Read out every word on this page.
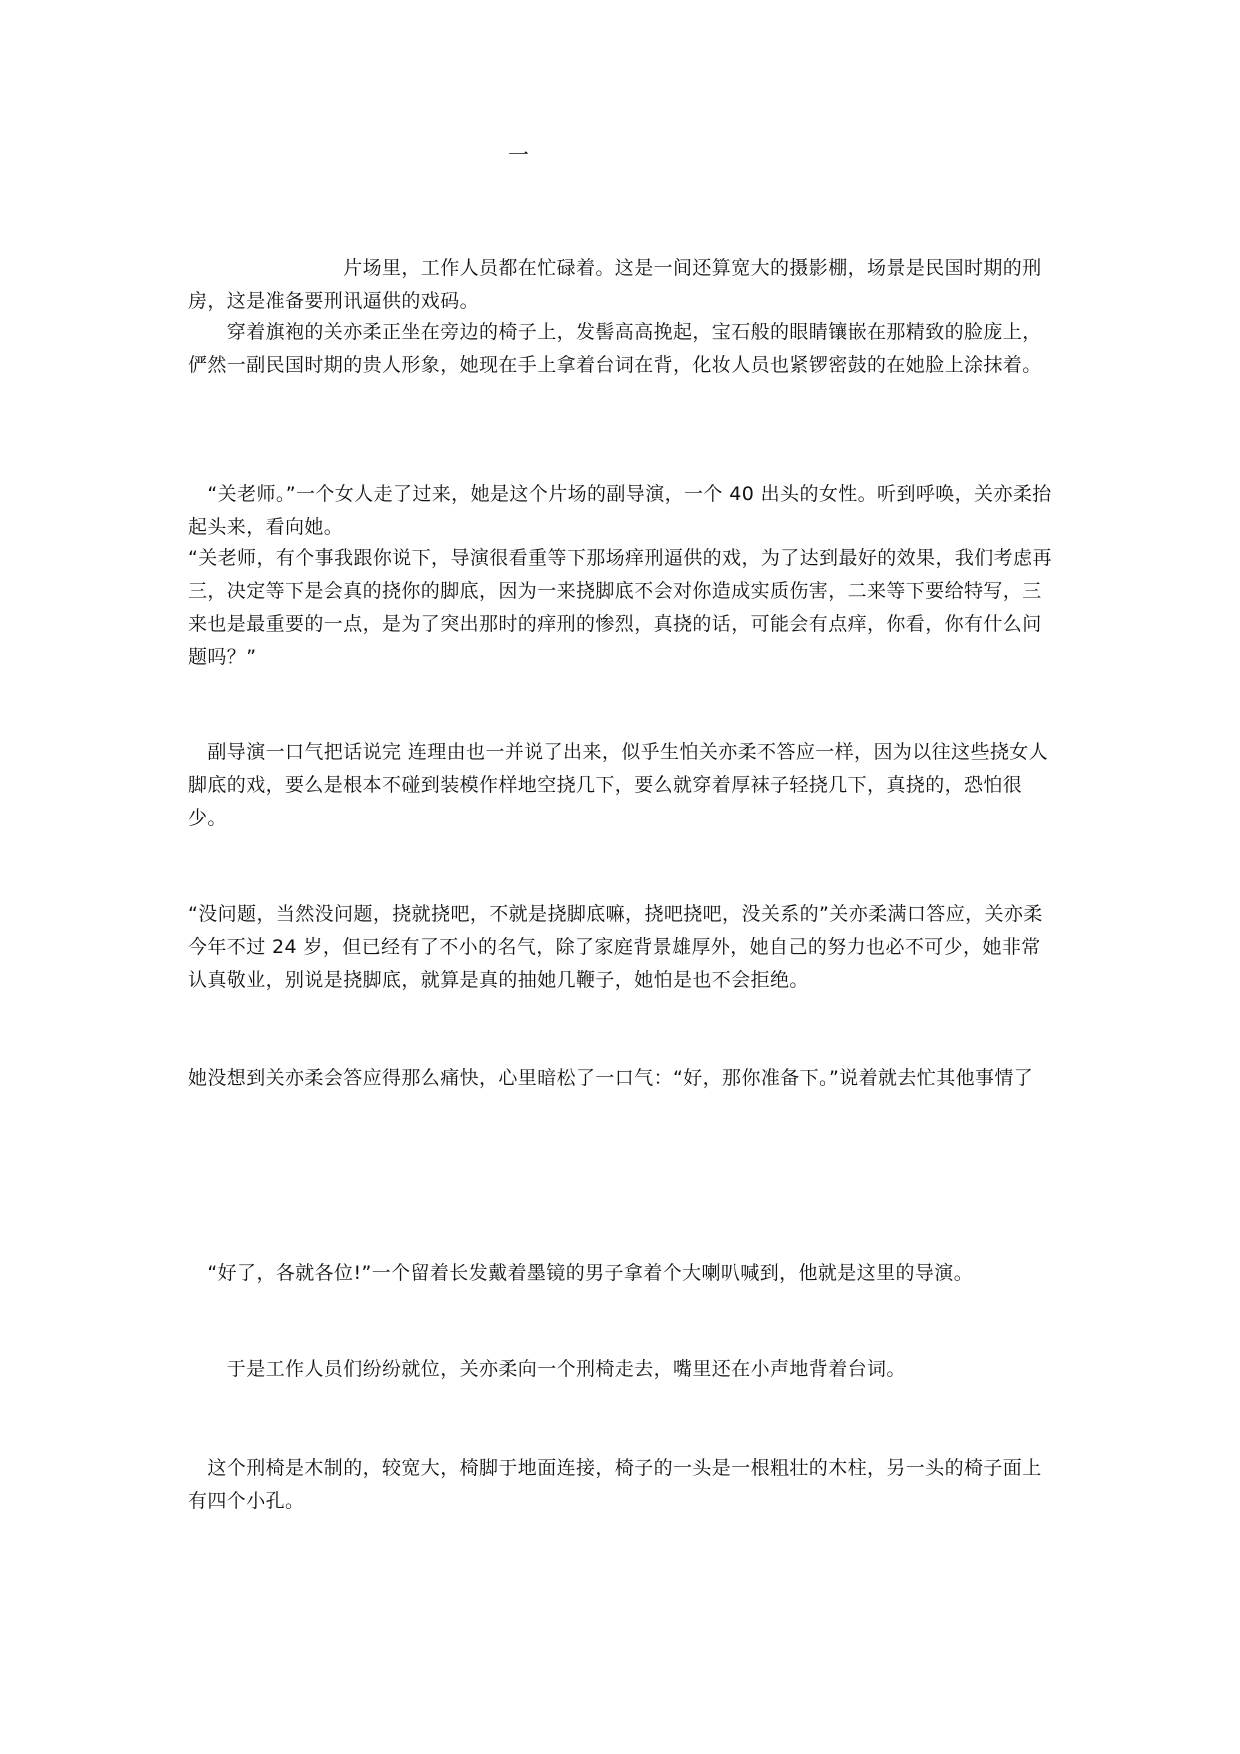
一

　　　　　　　　片场里，工作人员都在忙碌着。这是一间还算宽大的摄影棚，场景是民国时期的刑房，这是准备要刑讯逼供的戏码。

　　穿着旗袍的关亦柔正坐在旁边的椅子上，发髻高高挽起，宝石般的眼睛镶嵌在那精致的脸庞上，俨然一副民国时期的贵人形象，她现在手上拿着台词在背，化妆人员也紧锣密鼓的在她脸上涂抹着。

　“关老师。”一个女人走了过来，她是这个片场的副导演，一个 40 出头的女性。听到呼唤，关亦柔抬起头来，看向她。

“关老师，有个事我跟你说下，导演很看重等下那场痒刑逼供的戏，为了达到最好的效果，我们考虑再三，决定等下是会真的挠你的脚底，因为一来挠脚底不会对你造成实质伤害，二来等下要给特写，三来也是最重要的一点，是为了突出那时的痒刑的惨烈，真挠的话，可能会有点痒，你看，你有什么问题吗？”

　副导演一口气把话说完 连理由也一并说了出来，似乎生怕关亦柔不答应一样，因为以往这些挠女人脚底的戏，要么是根本不碰到装模作样地空挠几下，要么就穿着厚袜子轻挠几下，真挠的，恐怕很少。

“没问题，当然没问题，挠就挠吧，不就是挠脚底嘛，挠吧挠吧，没关系的”关亦柔满口答应，关亦柔今年不过 24 岁，但已经有了不小的名气，除了家庭背景雄厚外，她自己的努力也必不可少，她非常认真敬业，别说是挠脚底，就算是真的抽她几鞭子，她怕是也不会拒绝。

她没想到关亦柔会答应得那么痛快，心里暗松了一口气：“好，那你准备下。”说着就去忙其他事情了

　“好了，各就各位!”一个留着长发戴着墨镜的男子拿着个大喇叭喊到，他就是这里的导演。

　　于是工作人员们纷纷就位，关亦柔向一个刑椅走去，嘴里还在小声地背着台词。

　这个刑椅是木制的，较宽大，椅脚于地面连接，椅子的一头是一根粗壮的木柱，另一头的椅子面上有四个小孔。
